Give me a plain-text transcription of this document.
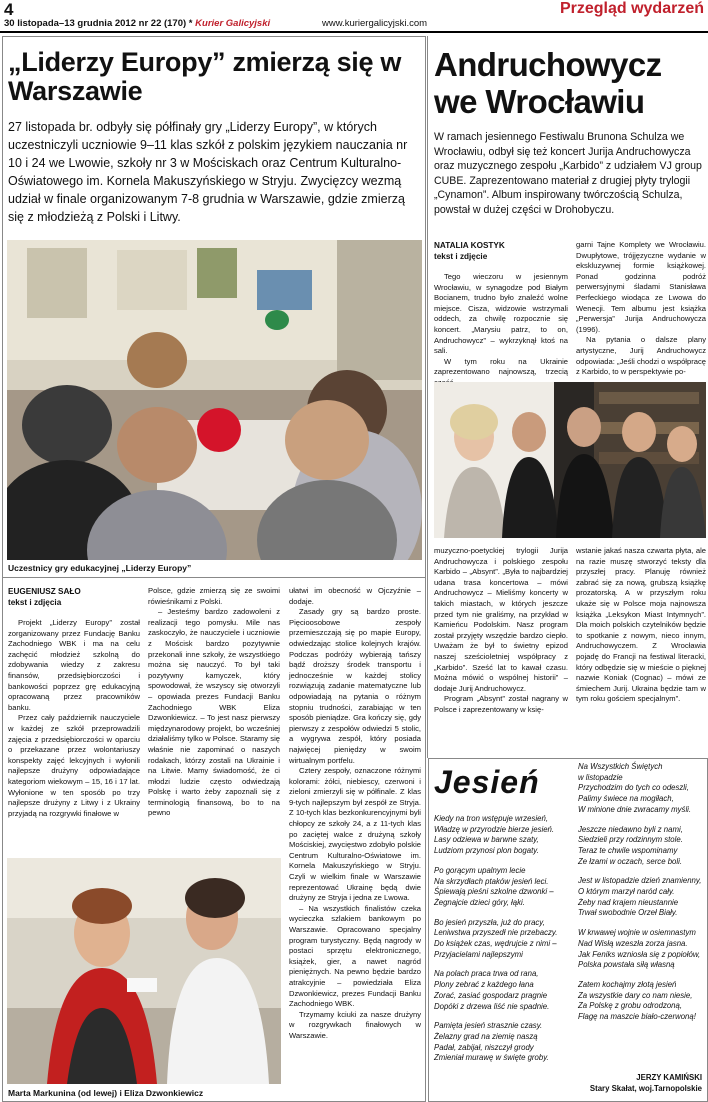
4
30 listopada–13 grudnia 2012 nr 22 (170) * Kurier Galicyjski	www.kuriergalicyjski.com
Przegląd wydarzeń
„Liderzy Europy” zmierzą się w Warszawie
27 listopada br. odbyły się półfinały gry „Liderzy Europy”, w których uczestniczyli uczniowie 9–11 klas szkół z polskim językiem nauczania nr 10 i 24 we Lwowie, szkoły nr 3 w Mościskach oraz Centrum Kulturalno-Oświatowego im. Kornela Makuszyńskiego w Stryju. Zwycięzcy wezmą udział w finale organizowanym 7-8 grudnia w Warszawie, gdzie zmierzą się z młodzieżą z Polski i Litwy.
Uczestnicy gry edukacyjnej „Liderzy Europy”
EUGENIUSZ SAŁO
tekst i zdjęcia

Projekt „Liderzy Europy” został zorganizowany przez Fundację Banku Zachodniego WBK i ma na celu zachęcić młodzież szkolną do zdobywania wiedzy z zakresu finansów, przedsiębiorczości i bankowości poprzez grę edukacyjną opracowaną przez pracowników banku.

Przez cały październik nauczyciele w każdej ze szkół przeprowadzili zajęcia z przedsiębiorczości w oparciu o przekazane przez wolontariuszy konspekty zajęć lekcyjnych i wyłonili najlepsze drużyny odpowiadające kategoriom wiekowym – 15, 16 i 17 lat. Wyłonione w ten sposób po trzy najlepsze drużyny z Litwy i z Ukrainy przyjadą na rozgrywki finałowe w

Polsce, gdzie zmierzą się ze swoimi rówieśnikami z Polski.

– Jesteśmy bardzo zadowoleni z realizacji tego pomysłu. Mile nas zaskoczyło, że nauczyciele i uczniowie z Mościsk bardzo pozytywnie przekonali inne szkoły, że wszystkiego można się nauczyć. To był taki pozytywny kamyczek, który spowodował, że wszyscy się otworzyli – opowiada prezes Fundacji Banku Zachodniego WBK Eliza Dzwonkiewicz. – To jest nasz pierwszy międzynarodowy projekt, bo wcześniej działaliśmy tylko w Polsce. Staramy się właśnie nie zapominać o naszych rodakach, którzy zostali na Ukrainie i na Litwie. Mamy świadomość, że ci młodzi ludzie często odwiedzają Polskę i warto żeby zapoznali się z terminologią finansową, bo to na pewno

ułatwi im obecność w Ojczyźnie – dodaje.

Zasady gry są bardzo proste. Pięcioosobowe zespoły przemieszczają się po mapie Europy, odwiedzając stolice kolejnych krajów. Podczas podróży wybierają tańszy bądź droższy środek transportu i jednocześnie w każdej stolicy rozwiązują zadanie matematyczne lub odpowiadają na pytania o różnym stopniu trudności, zarabiając w ten sposób pieniądze. Gra kończy się, gdy pierwszy z zespołów odwiedzi 5 stolic, a wygrywa zespół, który posiada najwięcej pieniędzy w swoim wirtualnym portfelu.

Cztery zespoły, oznaczone różnymi kolorami: żółci, niebiescy, czerwoni i zieloni zmierzyli się w półfinale. Z klas 9-tych najlepszym był zespół ze Stryja. Z 10-tych klas bezkonkurencyjnymi byli chłopcy ze szkoły 24, a z 11-tych klas po zaciętej walce z drużyną szkoły Mościskiej, zwycięstwo zdobyło polskie Centrum Kulturalno-Oświatowe im. Kornela Makuszyńskiego w Stryju. Czyli w wielkim finale w Warszawie reprezentować Ukrainę będą dwie drużyny ze Stryja i jedna ze Lwowa.

– Na wszystkich finalistów czeka wycieczka szlakiem bankowym po Warszawie. Opracowano specjalny program turystyczny. Będą nagrody w postaci sprzętu elektronicznego, książek, gier, a nawet nagród pieniężnych. Na pewno będzie bardzo atrakcyjnie – powiedziała Eliza Dzwonkiewicz, prezes Fundacji Banku Zachodniego WBK.

Trzymamy kciuki za nasze drużyny w rozgrywkach finałowych w Warszawie.

Marta Markunina (od lewej) i Eliza Dzwonkiewicz
Andruchowycz we Wrocławiu
W ramach jesiennego Festiwalu Brunona Schulza we Wrocławiu, odbył się też koncert Jurija Andruchowycza oraz muzycznego zespołu „Karbido” z udziałem VJ group CUBE. Zaprezentowano materiał z drugiej płyty trylogii „Cynamon”. Album inspirowany twórczością Schulza, powstał w dużej części w Drohobyczu.
NATALIA KOSTYK
tekst i zdjęcie

Tego wieczoru w jesiennym Wrocławiu, w synagodze pod Białym Bocianem, trudno było znaleźć wolne miejsce. Cisza, widzowie wstrzymali oddech, za chwilę rozpocznie się koncert. „Marysiu patrz, to on, Andruchowycz” – wykrzyknął ktoś na sali.

W tym roku na Ukrainie zaprezentowano najnowszą, trzecią

garni Tajne Komplety we Wrocławiu. Dwupłytowe, trójjęzyczne wydanie w ekskluzywnej formie książkowej. Ponad godzinna podróż perwersyjnymi śladami Stanisława Perfeckiego wiodąca ze Lwowa do Wenecji. Tem albumu jest książka „Perwersja” Jurija Andruchowycza (1996).

Na pytania o dalsze plany artystyczne, Jurij Andruchowycz odpowiada: „Jeśli chodzi o współpracę z Karbido, to w perspektywie po-

muzyczno-poetyckiej trylogii Jurija Andruchowycza i polskiego zespołu Karbido – „Absynt”. „Była to najbardziej udana trasa koncertowa – mówi Andruchowycz – Mieliśmy koncerty w takich miastach, w których jeszcze przed tym nie graliśmy, na przykład w Kamieńcu Podolskim. Nasz program został przyjęty wszędzie bardzo ciepło. Uważam że był to świetny epizod naszej sześcioletniej współpracy z „Karbido”. Sześć lat to kawał czasu. Można mówić o wspólnej historii” – dodaje Jurij Andruchowycz.

Program „Absynt” został nagrany w Polsce i zaprezentowany w księ-

wstanie jakaś nasza czwarta płyta, ale na razie muszę stworzyć teksty dla przyszłej pracy. Planuję również zabrać się za nową, grubszą książkę prozatorską. A w przyszłym roku ukaże się w Polsce moja najnowsza książka „Leksykon Miast Intymnych”. Dla moich polskich czytelników będzie to spotkanie z nowym, nieco innym, Andruchowyczem. Z Wrocławia pojadę do Francji na festiwal literacki, który odbędzie się w mieście o pięknej nazwie Koniak (Cognac) – mówi ze śmiechem Jurij. Ukraina będzie tam w tym roku gościem specjalnym”.

Jesień
Kiedy na tron wstępuje wrzesień,
Władzę w przyrodzie bierze jesień.
Lasy odziewa w barwne szaty,
Ludziom przynosi plon bogaty.
Po gorącym upalnym lecie
Na skrzydłach ptaków jesień leci.
Śpiewają pieśni szkolne dzwonki –
Żegnajcie dzieci góry, łąki.
Bo jesień przyszła, już do pracy,
Leniwstwa przyszedł nie przebaczy.
Do książek czas, wędrujcie z nimi –
Przyjacielami najlepszymi
Na polach praca trwa od rana,
Plony zebrać z każdego łana
Zorać, zasiać gospodarz pragnie
Dopóki z drzewa liść nie spadnie.
Pamięta jesień strasznie czasy.
Żelazny grad na ziemię naszą
Padał, zabijał, niszczył grody
Zmieniał murawę w święte groby.
Na Wszystkich Świętych
w listopadzie
Przychodzim do tych co odeszli,
Palimy świece na mogiłach,
W minione dnie zwracamy myśli.
Jeszcze niedawno byli z nami,
Siedzieli przy rodzinnym stole.
Teraz te chwile wspominamy
Ze łzami w oczach, serce boli.
Jest w listopadzie dzień znamienny,
O którym marzył naród cały.
Żeby nad krajem nieustannie
Trwał swobodnie Orzeł Biały.
W krwawej wojnie w osiemnastym
Nad Wisłą wzeszła zorza jasna.
Jak Feniks wzniosła się z popiołów,
Polska powstała siłą własną
Zatem kochajmy złotą jesień
Za wszystkie dary co nam niesie,
Za Polskę z grobu odrodzoną,
Flagę na maszcie biało-czerwoną!
JERZY KAMIŃSKI
Stary Skałat, woj.Tarnopolskie
